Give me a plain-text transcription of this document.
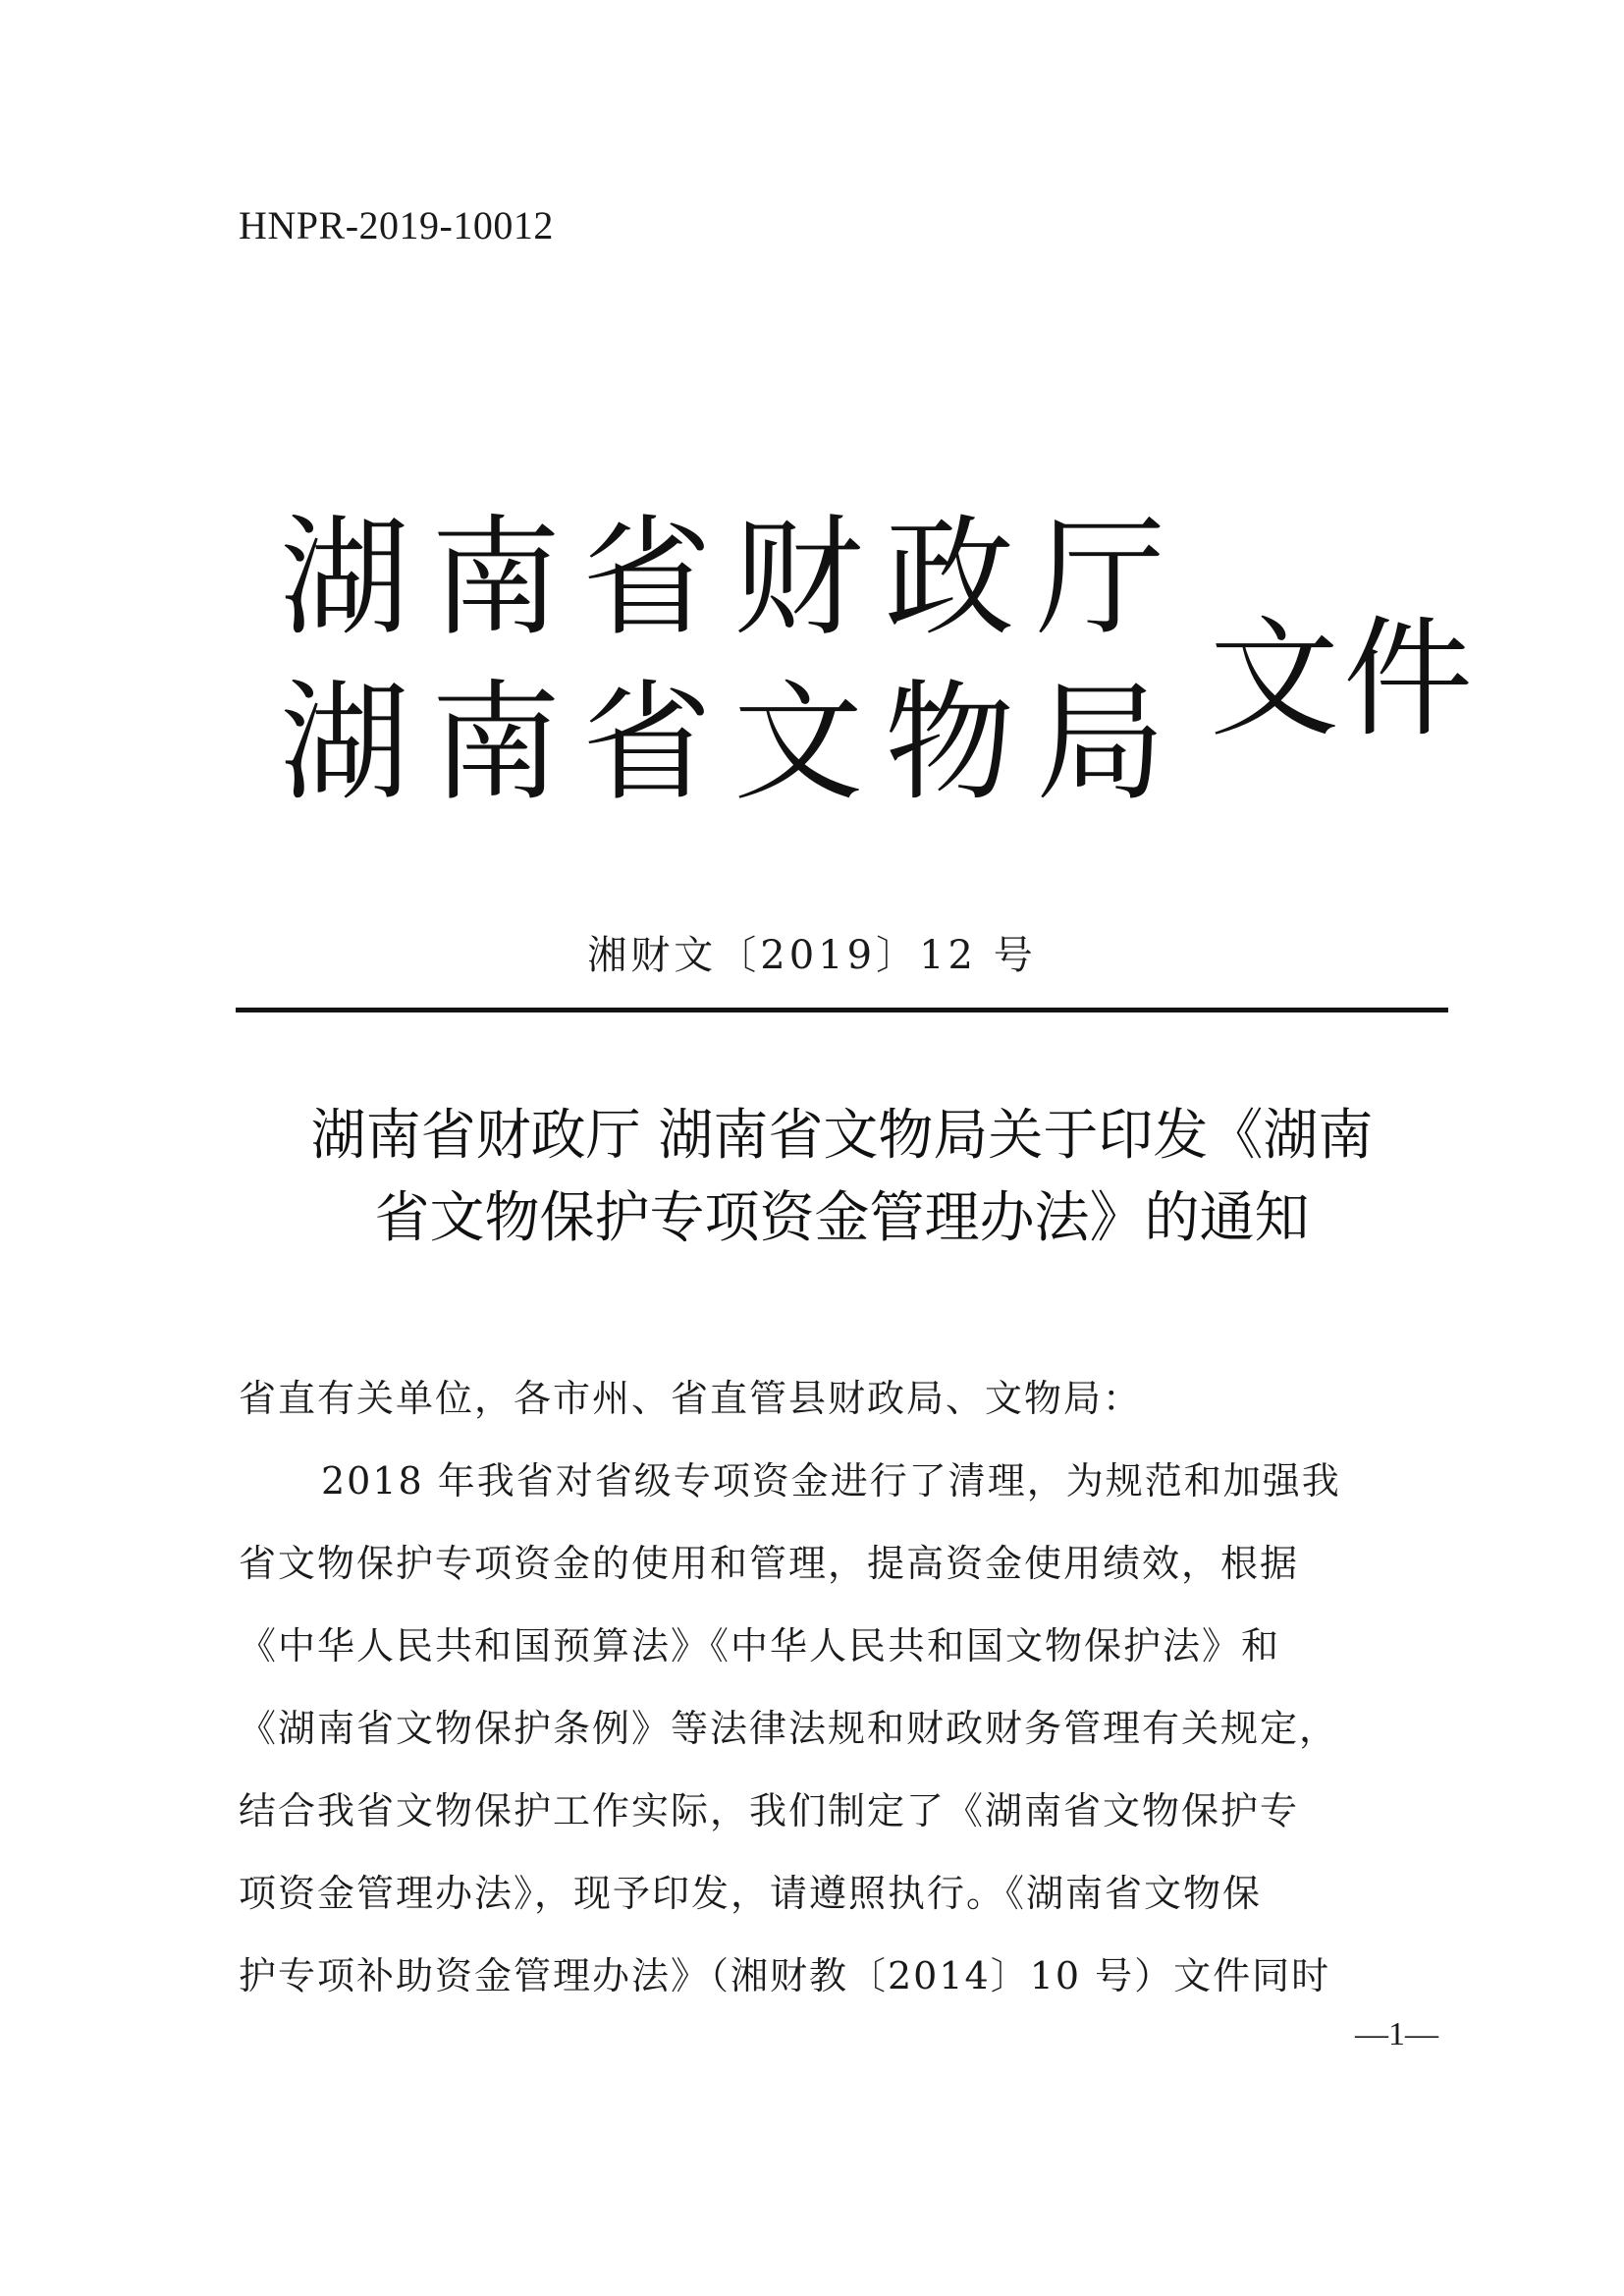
HNPR-2019-10012
湖南省财政厅
湖南省文物局 文件
湘财文〔2019〕12 号
湖南省财政厅 湖南省文物局关于印发《湖南
省文物保护专项资金管理办法》的通知
省直有关单位，各市州、省直管县财政局、文物局：
2018 年我省对省级专项资金进行了清理，为规范和加强我
省文物保护专项资金的使用和管理，提高资金使用绩效，根据
《中华人民共和国预算法》《中华人民共和国文物保护法》和
《湖南省文物保护条例》等法律法规和财政财务管理有关规定，
结合我省文物保护工作实际，我们制定了《湖南省文物保护专
项资金管理办法》，现予印发，请遵照执行。《湖南省文物保
护专项补助资金管理办法》（湘财教〔2014〕10 号）文件同时
—1—
